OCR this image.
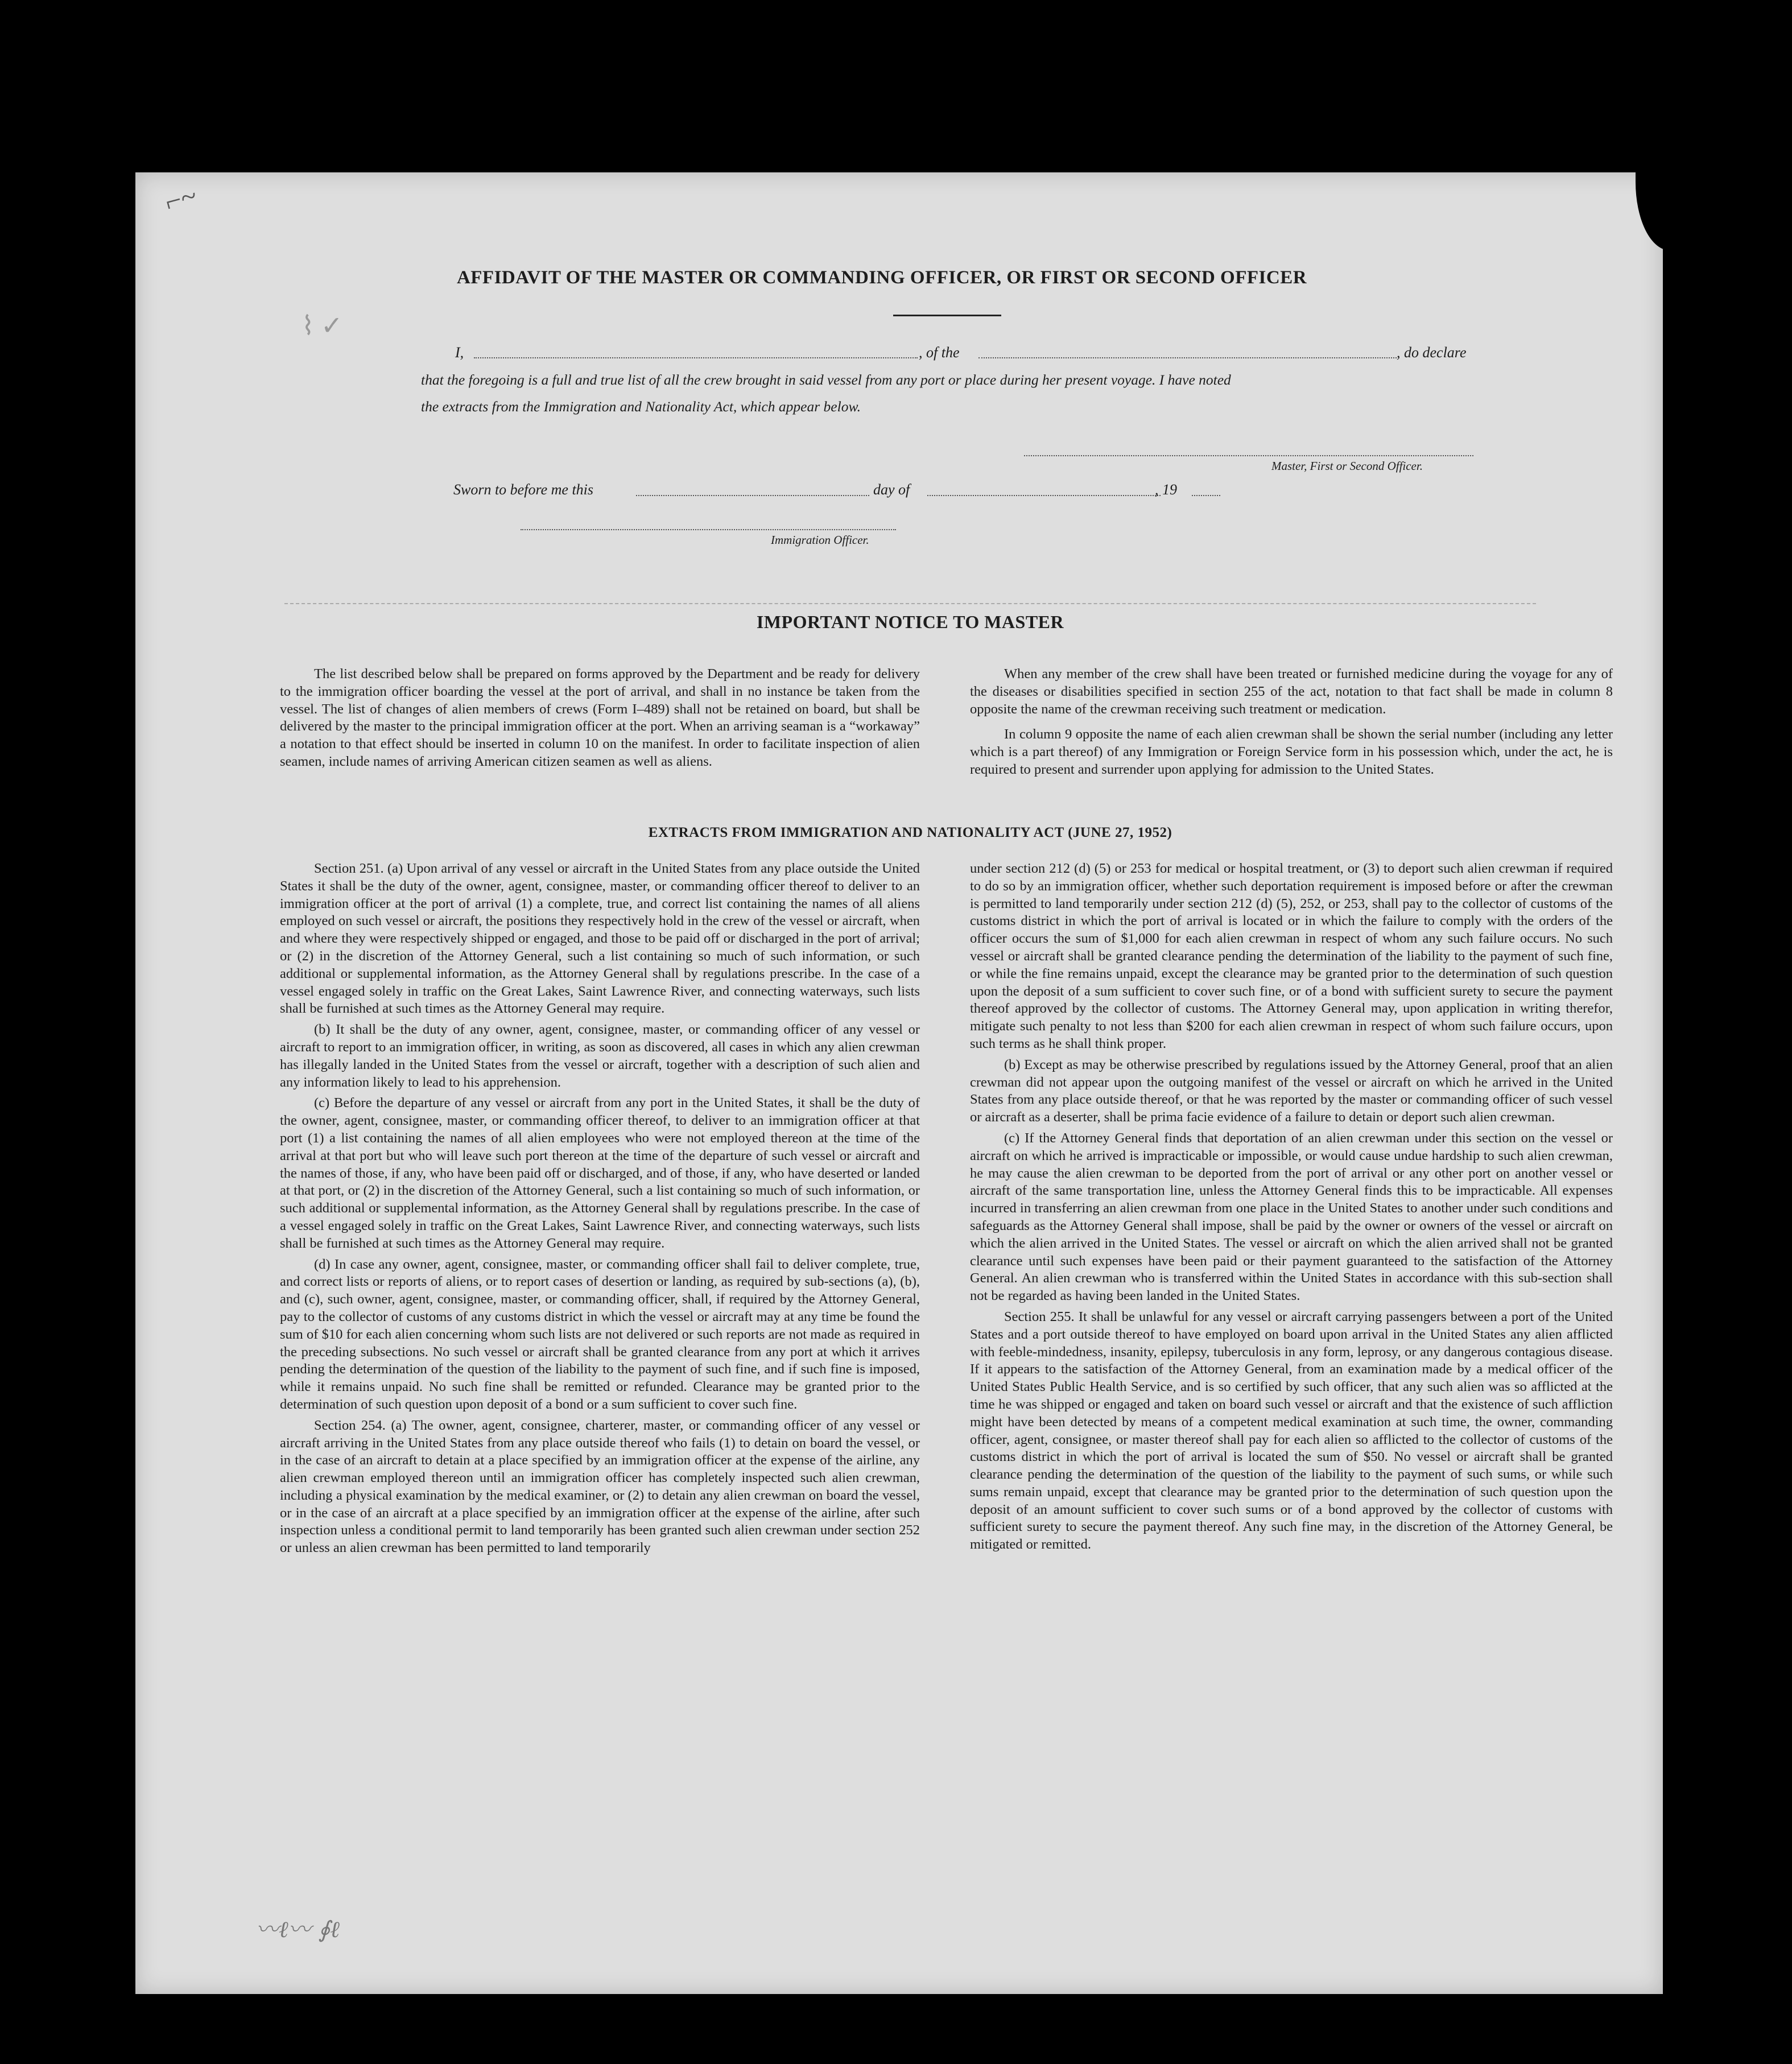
⌐~
⌇ ✓
AFFIDAVIT OF THE MASTER OR COMMANDING OFFICER, OR FIRST OR SECOND OFFICER
I,	, of the	, do declare
that the foregoing is a full and true list of all the crew brought in said vessel from any port or place during her present voyage. I have noted
the extracts from the Immigration and Nationality Act, which appear below.
Master, First or Second Officer.
Sworn to before me this	day of	, 19
Immigration Officer.
IMPORTANT NOTICE TO MASTER

The list described below shall be prepared on forms approved by the Department and be ready for delivery to the immigration officer boarding the vessel at the port of arrival, and shall in no instance be taken from the vessel. The list of changes of alien members of crews (Form I–489) shall not be retained on board, but shall be delivered by the master to the principal immigration officer at the port. When an arriving seaman is a “workaway” a notation to that effect should be inserted in column 10 on the manifest. In order to facilitate inspection of alien seamen, include names of arriving American citizen seamen as well as aliens.

When any member of the crew shall have been treated or furnished medicine during the voyage for any of the diseases or disabilities specified in section 255 of the act, notation to that fact shall be made in column 8 opposite the name of the crewman receiving such treatment or medication.

In column 9 opposite the name of each alien crewman shall be shown the serial number (including any letter which is a part thereof) of any Immigration or Foreign Service form in his possession which, under the act, he is required to present and surrender upon applying for admission to the United States.

EXTRACTS FROM IMMIGRATION AND NATIONALITY ACT (JUNE 27, 1952)

Section 251. (a) Upon arrival of any vessel or aircraft in the United States from any place outside the United States it shall be the duty of the owner, agent, consignee, master, or commanding officer thereof to deliver to an immigration officer at the port of arrival (1) a complete, true, and correct list containing the names of all aliens employed on such vessel or aircraft, the positions they respectively hold in the crew of the vessel or aircraft, when and where they were respectively shipped or engaged, and those to be paid off or discharged in the port of arrival; or (2) in the discretion of the Attorney General, such a list containing so much of such information, or such additional or supplemental information, as the Attorney General shall by regulations prescribe. In the case of a vessel engaged solely in traffic on the Great Lakes, Saint Lawrence River, and connecting waterways, such lists shall be furnished at such times as the Attorney General may require.

(b) It shall be the duty of any owner, agent, consignee, master, or commanding officer of any vessel or aircraft to report to an immigration officer, in writing, as soon as discovered, all cases in which any alien crewman has illegally landed in the United States from the vessel or aircraft, together with a description of such alien and any information likely to lead to his apprehension.

(c) Before the departure of any vessel or aircraft from any port in the United States, it shall be the duty of the owner, agent, consignee, master, or commanding officer thereof, to deliver to an immigration officer at that port (1) a list containing the names of all alien employees who were not employed thereon at the time of the arrival at that port but who will leave such port thereon at the time of the departure of such vessel or aircraft and the names of those, if any, who have been paid off or discharged, and of those, if any, who have deserted or landed at that port, or (2) in the discretion of the Attorney General, such a list containing so much of such information, or such additional or supplemental information, as the Attorney General shall by regulations prescribe. In the case of a vessel engaged solely in traffic on the Great Lakes, Saint Lawrence River, and connecting waterways, such lists shall be furnished at such times as the Attorney General may require.

(d) In case any owner, agent, consignee, master, or commanding officer shall fail to deliver complete, true, and correct lists or reports of aliens, or to report cases of desertion or landing, as required by sub-sections (a), (b), and (c), such owner, agent, consignee, master, or commanding officer, shall, if required by the Attorney General, pay to the collector of customs of any customs district in which the vessel or aircraft may at any time be found the sum of $10 for each alien concerning whom such lists are not delivered or such reports are not made as required in the preceding subsections. No such vessel or aircraft shall be granted clearance from any port at which it arrives pending the determination of the question of the liability to the payment of such fine, and if such fine is imposed, while it remains unpaid. No such fine shall be remitted or refunded. Clearance may be granted prior to the determination of such question upon deposit of a bond or a sum sufficient to cover such fine.

Section 254. (a) The owner, agent, consignee, charterer, master, or commanding officer of any vessel or aircraft arriving in the United States from any place outside thereof who fails (1) to detain on board the vessel, or in the case of an aircraft to detain at a place specified by an immigration officer at the expense of the airline, any alien crewman employed thereon until an immigration officer has completely inspected such alien crewman, including a physical examination by the medical examiner, or (2) to detain any alien crewman on board the vessel, or in the case of an aircraft at a place specified by an immigration officer at the expense of the airline, after such inspection unless a conditional permit to land temporarily has been granted such alien crewman under section 252 or unless an alien crewman has been permitted to land temporarily

under section 212 (d) (5) or 253 for medical or hospital treatment, or (3) to deport such alien crewman if required to do so by an immigration officer, whether such deportation requirement is imposed before or after the crewman is permitted to land temporarily under section 212 (d) (5), 252, or 253, shall pay to the collector of customs of the customs district in which the port of arrival is located or in which the failure to comply with the orders of the officer occurs the sum of $1,000 for each alien crewman in respect of whom any such failure occurs. No such vessel or aircraft shall be granted clearance pending the determination of the liability to the payment of such fine, or while the fine remains unpaid, except the clearance may be granted prior to the determination of such question upon the deposit of a sum sufficient to cover such fine, or of a bond with sufficient surety to secure the payment thereof approved by the collector of customs. The Attorney General may, upon application in writing therefor, mitigate such penalty to not less than $200 for each alien crewman in respect of whom such failure occurs, upon such terms as he shall think proper.

(b) Except as may be otherwise prescribed by regulations issued by the Attorney General, proof that an alien crewman did not appear upon the outgoing manifest of the vessel or aircraft on which he arrived in the United States from any place outside thereof, or that he was reported by the master or commanding officer of such vessel or aircraft as a deserter, shall be prima facie evidence of a failure to detain or deport such alien crewman.

(c) If the Attorney General finds that deportation of an alien crewman under this section on the vessel or aircraft on which he arrived is impracticable or impossible, or would cause undue hardship to such alien crewman, he may cause the alien crewman to be deported from the port of arrival or any other port on another vessel or aircraft of the same transportation line, unless the Attorney General finds this to be impracticable. All expenses incurred in transferring an alien crewman from one place in the United States to another under such conditions and safeguards as the Attorney General shall impose, shall be paid by the owner or owners of the vessel or aircraft on which the alien arrived in the United States. The vessel or aircraft on which the alien arrived shall not be granted clearance until such expenses have been paid or their payment guaranteed to the satisfaction of the Attorney General. An alien crewman who is transferred within the United States in accordance with this sub-section shall not be regarded as having been landed in the United States.

Section 255. It shall be unlawful for any vessel or aircraft carrying passengers between a port of the United States and a port outside thereof to have employed on board upon arrival in the United States any alien afflicted with feeble-mindedness, insanity, epilepsy, tuberculosis in any form, leprosy, or any dangerous contagious disease. If it appears to the satisfaction of the Attorney General, from an examination made by a medical officer of the United States Public Health Service, and is so certified by such officer, that any such alien was so afflicted at the time he was shipped or engaged and taken on board such vessel or aircraft and that the existence of such affliction might have been detected by means of a competent medical examination at such time, the owner, commanding officer, agent, consignee, or master thereof shall pay for each alien so afflicted to the collector of customs of the customs district in which the port of arrival is located the sum of $50. No vessel or aircraft shall be granted clearance pending the determination of the question of the liability to the payment of such sums, or while such sums remain unpaid, except that clearance may be granted prior to the determination of such question upon the deposit of an amount sufficient to cover such sums or of a bond approved by the collector of customs with sufficient surety to secure the payment thereof. Any such fine may, in the discretion of the Attorney General, be mitigated or remitted.

〰︎ℓ〰︎ ∮ℓ
